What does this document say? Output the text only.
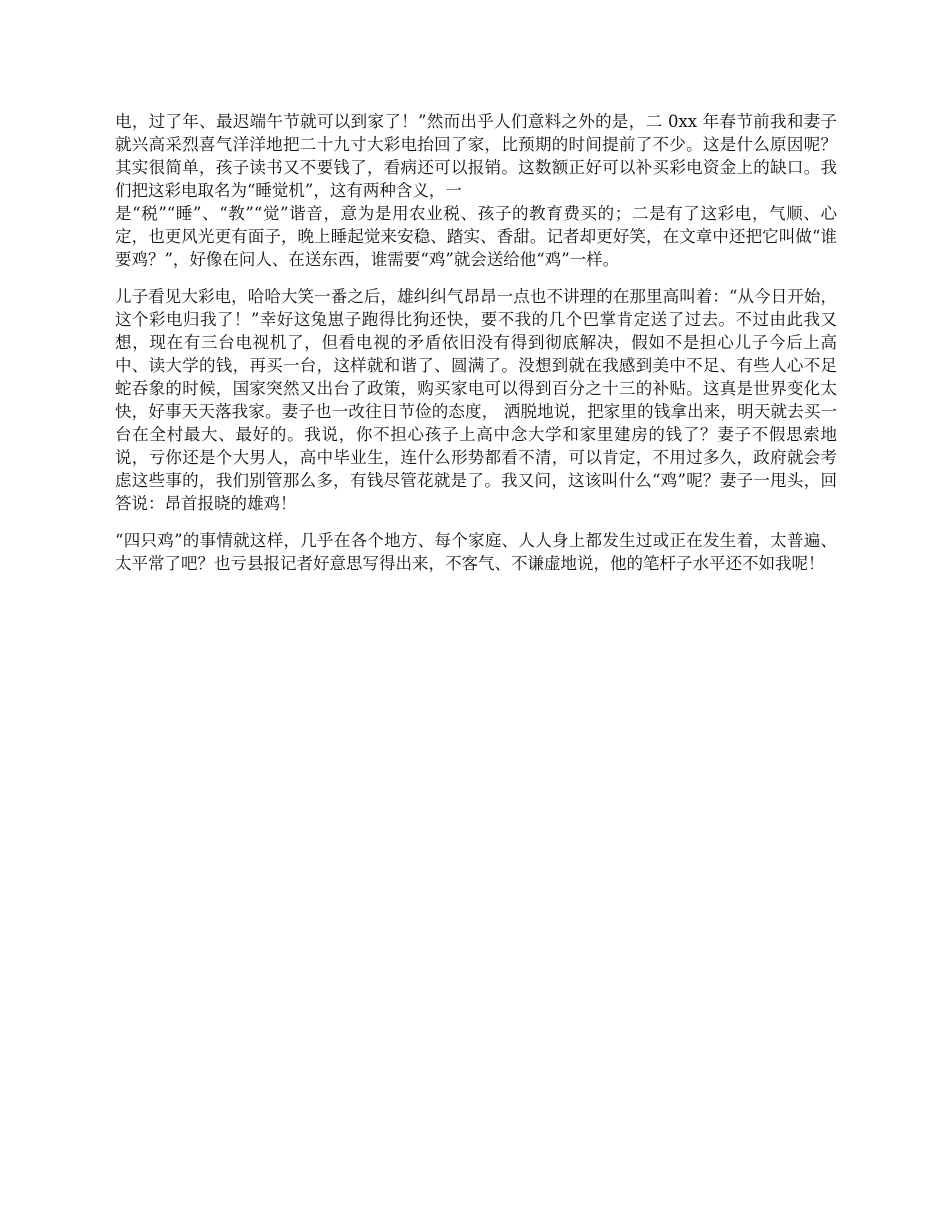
电，过了年、最迟端午节就可以到家了！”然而出乎人们意料之外的是，二 0xx 年春节前我和妻子就兴高采烈喜气洋洋地把二十九寸大彩电抬回了家，比预期的时间提前了不少。这是什么原因呢？其实很简单，孩子读书又不要钱了，看病还可以报销。这数额正好可以补买彩电资金上的缺口。我们把这彩电取名为“睡觉机”，这有两种含义，一
是“税”“睡”、“教”“觉”谐音，意为是用农业税、孩子的教育费买的；二是有了这彩电，气顺、心定，也更风光更有面子，晚上睡起觉来安稳、踏实、香甜。记者却更好笑，在文章中还把它叫做“谁要鸡？”，好像在问人、在送东西，谁需要“鸡”就会送给他“鸡”一样。

儿子看见大彩电，哈哈大笑一番之后，雄纠纠气昂昂一点也不讲理的在那里高叫着：“从今日开始，这个彩电归我了！”幸好这兔崽子跑得比狗还快，要不我的几个巴掌肯定送了过去。不过由此我又想，现在有三台电视机了，但看电视的矛盾依旧没有得到彻底解决，假如不是担心儿子今后上高中、读大学的钱，再买一台，这样就和谐了、圆满了。没想到就在我感到美中不足、有些人心不足蛇吞象的时候，国家突然又出台了政策，购买家电可以得到百分之十三的补贴。这真是世界变化太快，好事天天落我家。妻子也一改往日节俭的态度， 洒脱地说，把家里的钱拿出来，明天就去买一台在全村最大、最好的。我说，你不担心孩子上高中念大学和家里建房的钱了？妻子不假思索地说，亏你还是个大男人，高中毕业生，连什么形势都看不清，可以肯定，不用过多久，政府就会考虑这些事的，我们别管那么多，有钱尽管花就是了。我又问，这该叫什么“鸡”呢？妻子一甩头，回答说：昂首报晓的雄鸡！

“四只鸡”的事情就这样，几乎在各个地方、每个家庭、人人身上都发生过或正在发生着，太普遍、太平常了吧？也亏县报记者好意思写得出来，不客气、不谦虚地说，他的笔杆子水平还不如我呢！
